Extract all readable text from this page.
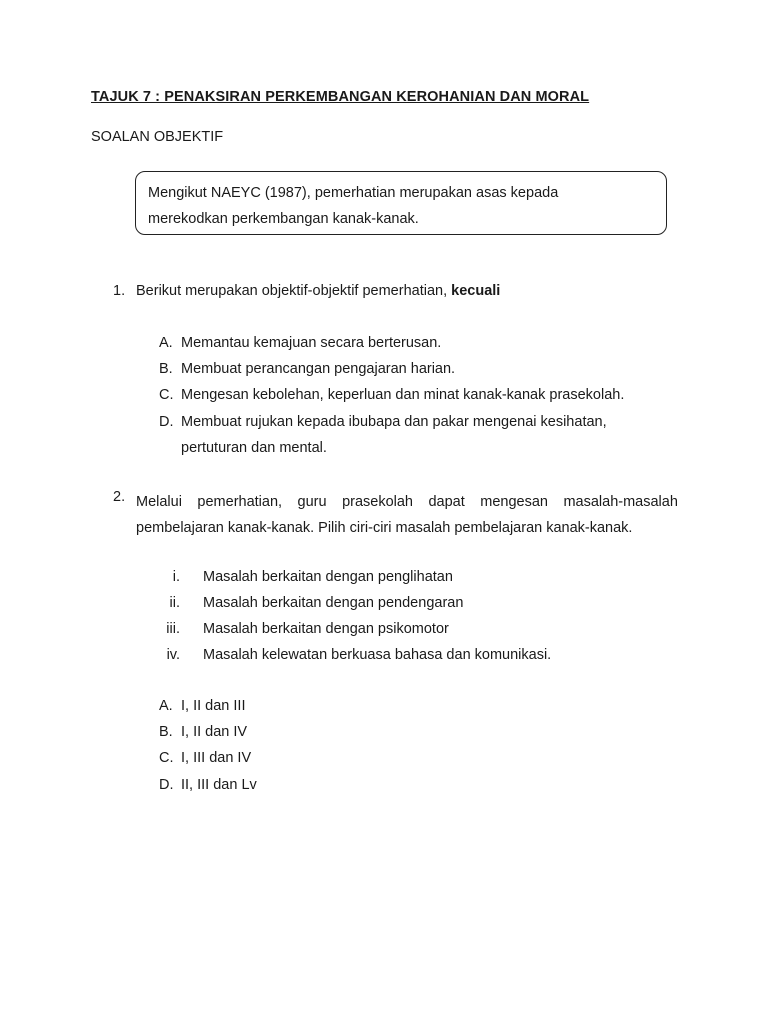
TAJUK 7 : PENAKSIRAN PERKEMBANGAN KEROHANIAN DAN MORAL
SOALAN OBJEKTIF
Mengikut NAEYC (1987), pemerhatian merupakan asas kepada
merekodkan perkembangan kanak-kanak.
1. Berikut merupakan objektif-objektif pemerhatian, kecuali
A. Memantau kemajuan secara berterusan.
B. Membuat perancangan pengajaran harian.
C. Mengesan kebolehan, keperluan dan minat kanak-kanak prasekolah.
D. Membuat rujukan kepada ibubapa dan pakar mengenai kesihatan,
pertuturan dan mental.
2. Melalui pemerhatian, guru prasekolah dapat mengesan masalah-masalah
pembelajaran kanak-kanak. Pilih ciri-ciri masalah pembelajaran kanak-kanak.
i. Masalah berkaitan dengan penglihatan
ii. Masalah berkaitan dengan pendengaran
iii. Masalah berkaitan dengan psikomotor
iv. Masalah kelewatan berkuasa bahasa dan komunikasi.
A. I, II dan III
B. I, II dan IV
C. I, III dan IV
D. II, III dan Lv
